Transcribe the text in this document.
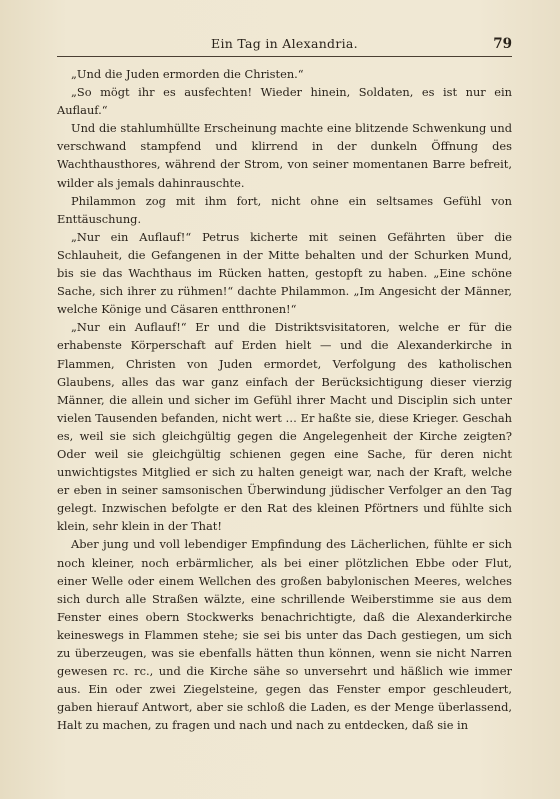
Ein Tag in Alexandria.	79

„Und die Juden ermorden die Christen.“

„So mögt ihr es ausfechten! Wieder hinein, Soldaten, es ist nur ein Auflauf.“

Und die stahlumhüllte Erscheinung machte eine blitzende Schwenkung und verschwand stampfend und klirrend in der dunkeln Öffnung des Wachthausthores, während der Strom, von seiner momentanen Barre befreit, wilder als jemals dahinrauschte.

Philammon zog mit ihm fort, nicht ohne ein seltsames Gefühl von Enttäuschung.

„Nur ein Auflauf!“ Petrus kicherte mit seinen Gefährten über die Schlauheit, die Gefangenen in der Mitte behalten und der Schurken Mund, bis sie das Wachthaus im Rücken hatten, gestopft zu haben. „Eine schöne Sache, sich ihrer zu rühmen!“ dachte Philammon. „Im Angesicht der Männer, welche Könige und Cäsaren entthronen!“

„Nur ein Auflauf!“ Er und die Distriktsvisitatoren, welche er für die erhabenste Körperschaft auf Erden hielt — und die Alexanderkirche in Flammen, Christen von Juden ermordet, Verfolgung des katholischen Glaubens, alles das war ganz einfach der Berücksichtigung dieser vierzig Männer, die allein und sicher im Gefühl ihrer Macht und Disciplin sich unter vielen Tausenden befanden, nicht wert … Er haßte sie, diese Krieger. Geschah es, weil sie sich gleichgültig gegen die Angelegenheit der Kirche zeigten? Oder weil sie gleichgültig schienen gegen eine Sache, für deren nicht unwichtigstes Mitglied er sich zu halten geneigt war, nach der Kraft, welche er eben in seiner samsonischen Überwindung jüdischer Verfolger an den Tag gelegt. Inzwischen befolgte er den Rat des kleinen Pförtners und fühlte sich klein, sehr klein in der That!

Aber jung und voll lebendiger Empfindung des Lächerlichen, fühlte er sich noch kleiner, noch erbärmlicher, als bei einer plötzlichen Ebbe oder Flut, einer Welle oder einem Wellchen des großen babylonischen Meeres, welches sich durch alle Straßen wälzte, eine schrillende Weiberstimme sie aus dem Fenster eines obern Stockwerks benachrichtigte, daß die Alexanderkirche keineswegs in Flammen stehe; sie sei bis unter das Dach gestiegen, um sich zu überzeugen, was sie ebenfalls hätten thun können, wenn sie nicht Narren gewesen rc. rc., und die Kirche sähe so unversehrt und häßlich wie immer aus. Ein oder zwei Ziegelsteine, gegen das Fenster empor geschleudert, gaben hierauf Antwort, aber sie schloß die Laden, es der Menge überlassend, Halt zu machen, zu fragen und nach und nach zu entdecken, daß sie in
